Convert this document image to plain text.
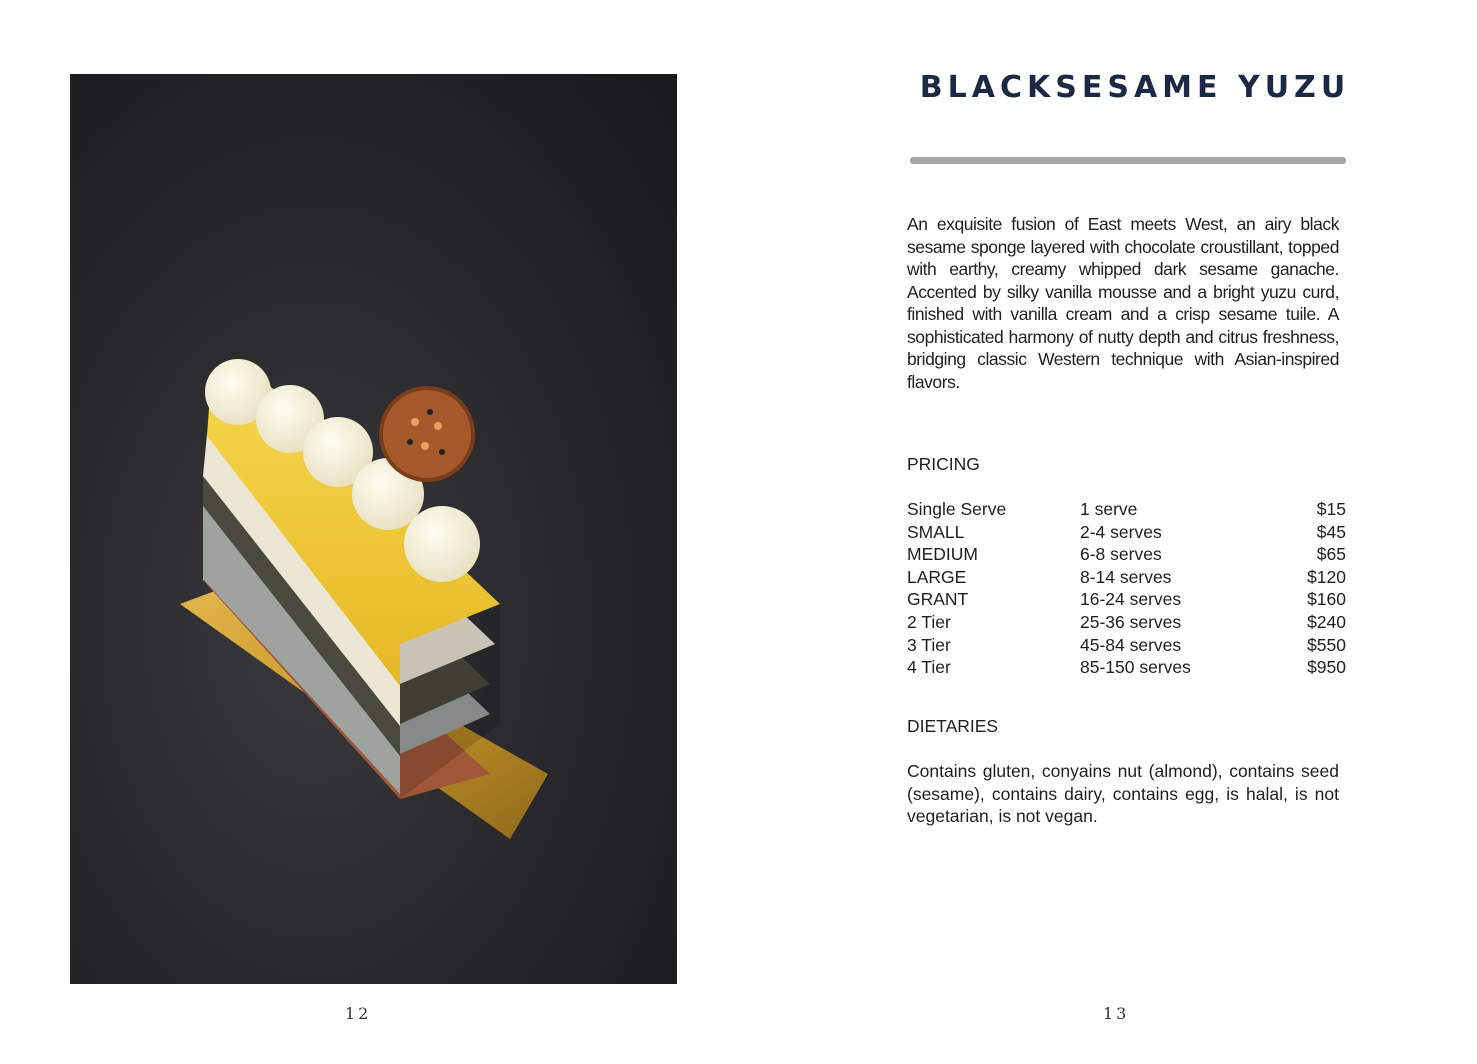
12
BLACKSESAME YUZU
An exquisite fusion of East meets West, an airy black sesame sponge layered with chocolate croustillant, topped with earthy, creamy whipped dark sesame ganache. Accented by silky vanilla mousse and a bright yuzu curd, finished with vanilla cream and a crisp sesame tuile. A sophisticated harmony of nutty depth and citrus freshness, bridging classic Western technique with Asian-inspired flavors.
PRICING
Single Serve	1 serve	$15
SMALL	2-4 serves	$45
MEDIUM	6-8 serves	$65
LARGE	8-14 serves	$120
GRANT	16-24 serves	$160
2 Tier	25-36 serves	$240
3 Tier	45-84 serves	$550
4 Tier	85-150 serves	$950
DIETARIES
Contains gluten, conyains nut (almond), contains seed (sesame), contains dairy, contains egg, is halal, is not vegetarian, is not vegan.
13
